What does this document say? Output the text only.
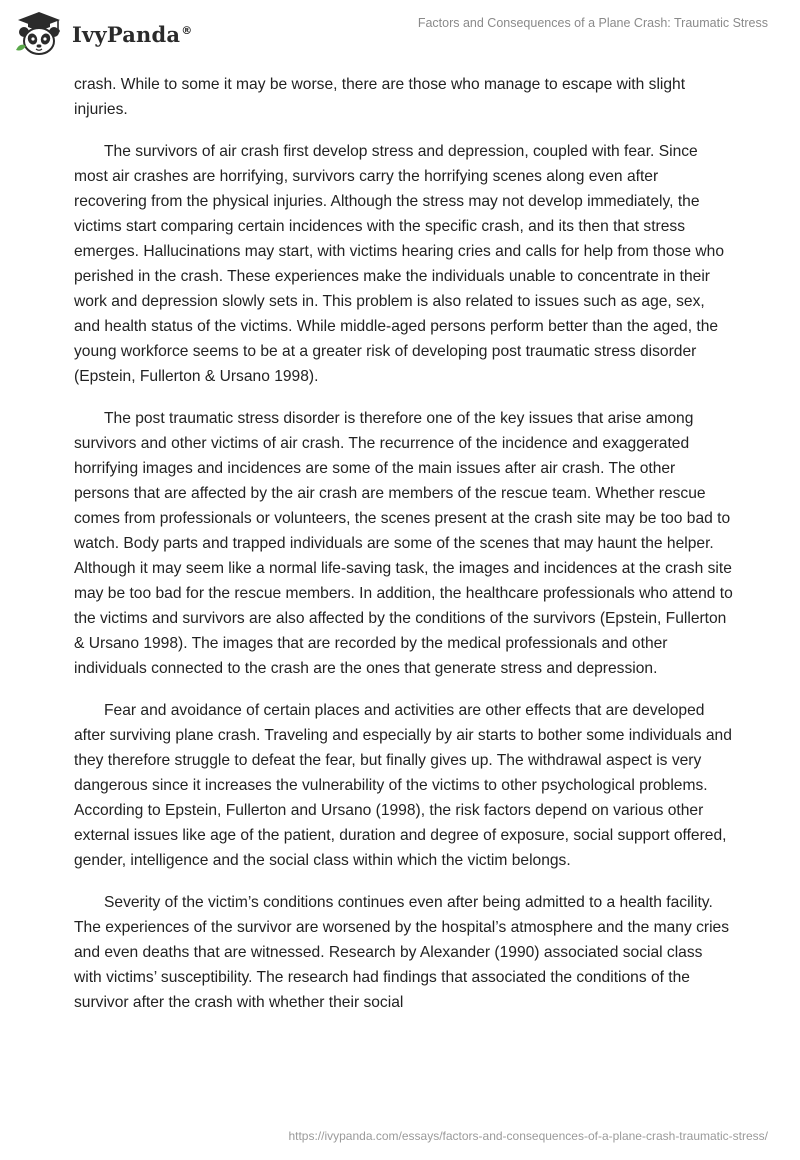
IvyPanda®	Factors and Consequences of a Plane Crash: Traumatic Stress

crash. While to some it may be worse, there are those who manage to escape with slight injuries.

The survivors of air crash first develop stress and depression, coupled with fear. Since most air crashes are horrifying, survivors carry the horrifying scenes along even after recovering from the physical injuries. Although the stress may not develop immediately, the victims start comparing certain incidences with the specific crash, and its then that stress emerges. Hallucinations may start, with victims hearing cries and calls for help from those who perished in the crash. These experiences make the individuals unable to concentrate in their work and depression slowly sets in. This problem is also related to issues such as age, sex, and health status of the victims. While middle-aged persons perform better than the aged, the young workforce seems to be at a greater risk of developing post traumatic stress disorder (Epstein, Fullerton & Ursano 1998).

The post traumatic stress disorder is therefore one of the key issues that arise among survivors and other victims of air crash. The recurrence of the incidence and exaggerated horrifying images and incidences are some of the main issues after air crash. The other persons that are affected by the air crash are members of the rescue team. Whether rescue comes from professionals or volunteers, the scenes present at the crash site may be too bad to watch. Body parts and trapped individuals are some of the scenes that may haunt the helper. Although it may seem like a normal life-saving task, the images and incidences at the crash site may be too bad for the rescue members. In addition, the healthcare professionals who attend to the victims and survivors are also affected by the conditions of the survivors (Epstein, Fullerton & Ursano 1998). The images that are recorded by the medical professionals and other individuals connected to the crash are the ones that generate stress and depression.

Fear and avoidance of certain places and activities are other effects that are developed after surviving plane crash. Traveling and especially by air starts to bother some individuals and they therefore struggle to defeat the fear, but finally gives up. The withdrawal aspect is very dangerous since it increases the vulnerability of the victims to other psychological problems. According to Epstein, Fullerton and Ursano (1998), the risk factors depend on various other external issues like age of the patient, duration and degree of exposure, social support offered, gender, intelligence and the social class within which the victim belongs.

Severity of the victim’s conditions continues even after being admitted to a health facility. The experiences of the survivor are worsened by the hospital’s atmosphere and the many cries and even deaths that are witnessed. Research by Alexander (1990) associated social class with victims’ susceptibility. The research had findings that associated the conditions of the survivor after the crash with whether their social

https://ivypanda.com/essays/factors-and-consequences-of-a-plane-crash-traumatic-stress/
